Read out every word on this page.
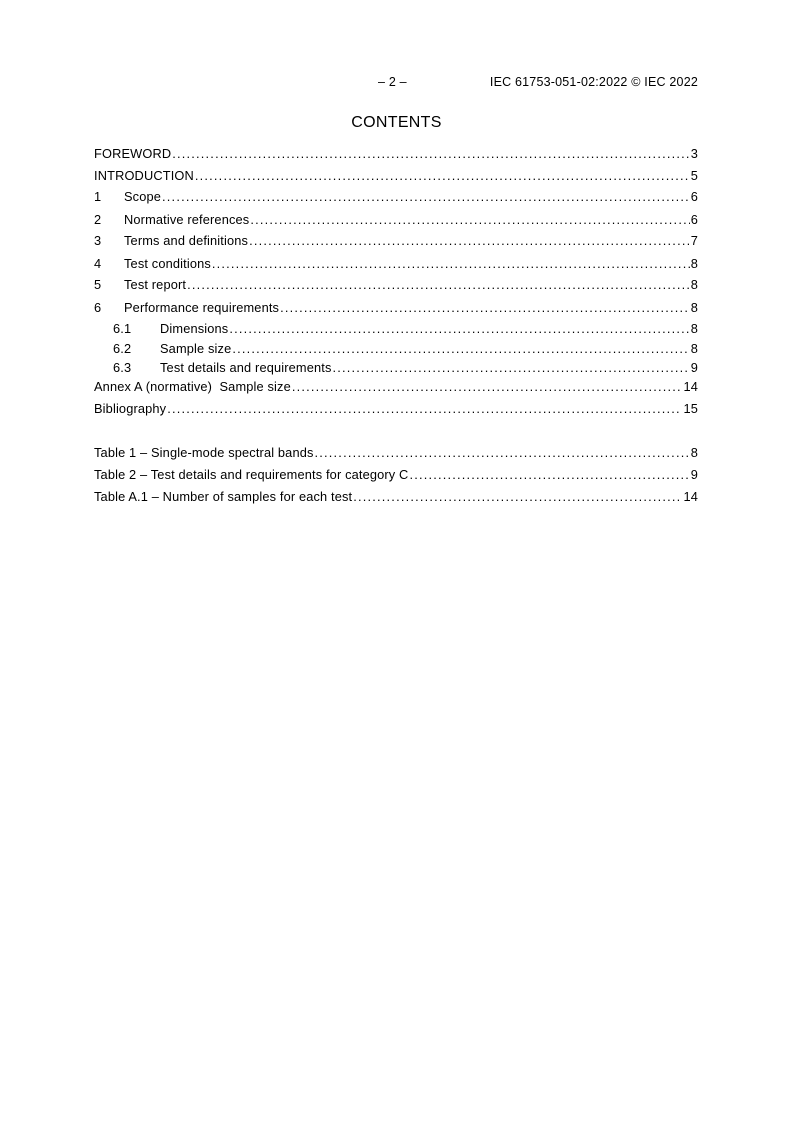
– 2 –	IEC 61753-051-02:2022 © IEC 2022
CONTENTS
FOREWORD .....	3
INTRODUCTION .....	5
1	Scope .....	6
2	Normative references .....	6
3	Terms and definitions .....	7
4	Test conditions .....	8
5	Test report .....	8
6	Performance requirements .....	8
6.1	Dimensions .....	8
6.2	Sample size .....	8
6.3	Test details and requirements .....	9
Annex A (normative)  Sample size .....	14
Bibliography .....	15
Table 1 – Single-mode spectral bands .....	8
Table 2 – Test details and requirements for category C .....	9
Table A.1 – Number of samples for each test .....	14
